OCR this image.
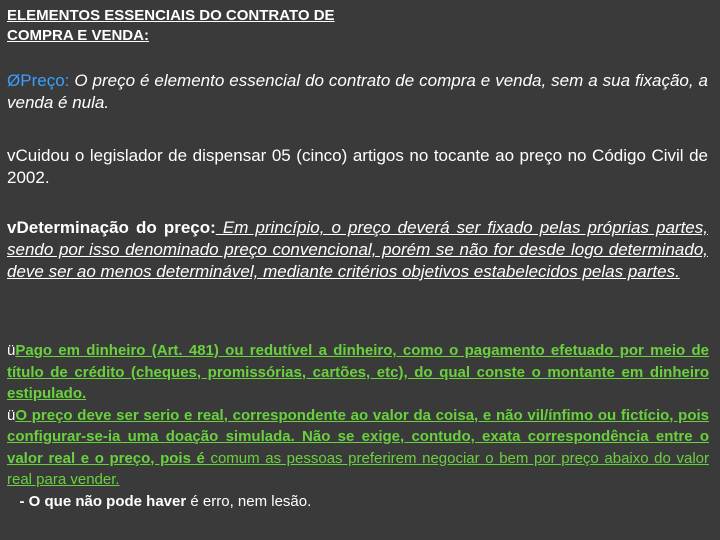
ELEMENTOS ESSENCIAIS DO CONTRATO DE
COMPRA E VENDA:

ØPreço: O preço é elemento essencial do contrato de compra e venda, sem a sua fixação, a venda é nula.

vCuidou o legislador de dispensar 05 (cinco) artigos no tocante ao preço no Código Civil de 2002.

vDeterminação do preço: Em princípio, o preço deverá ser fixado pelas próprias partes, sendo por isso denominado preço convencional, porém se não for desde logo determinado, deve ser ao menos determinável, mediante critérios objetivos estabelecidos pelas partes.

üPago em dinheiro (Art. 481) ou redutível a dinheiro, como o pagamento efetuado por meio de título de crédito (cheques, promissórias, cartões, etc), do qual conste o montante em dinheiro estipulado.
üO preço deve ser serio e real, correspondente ao valor da coisa, e não vil/ínfimo ou fictício, pois configurar-se-ia uma doação simulada. Não se exige, contudo, exata correspondência entre o valor real e o preço, pois é comum as pessoas preferirem negociar o bem por preço abaixo do valor real para vender.
- O que não pode haver é erro, nem lesão.
